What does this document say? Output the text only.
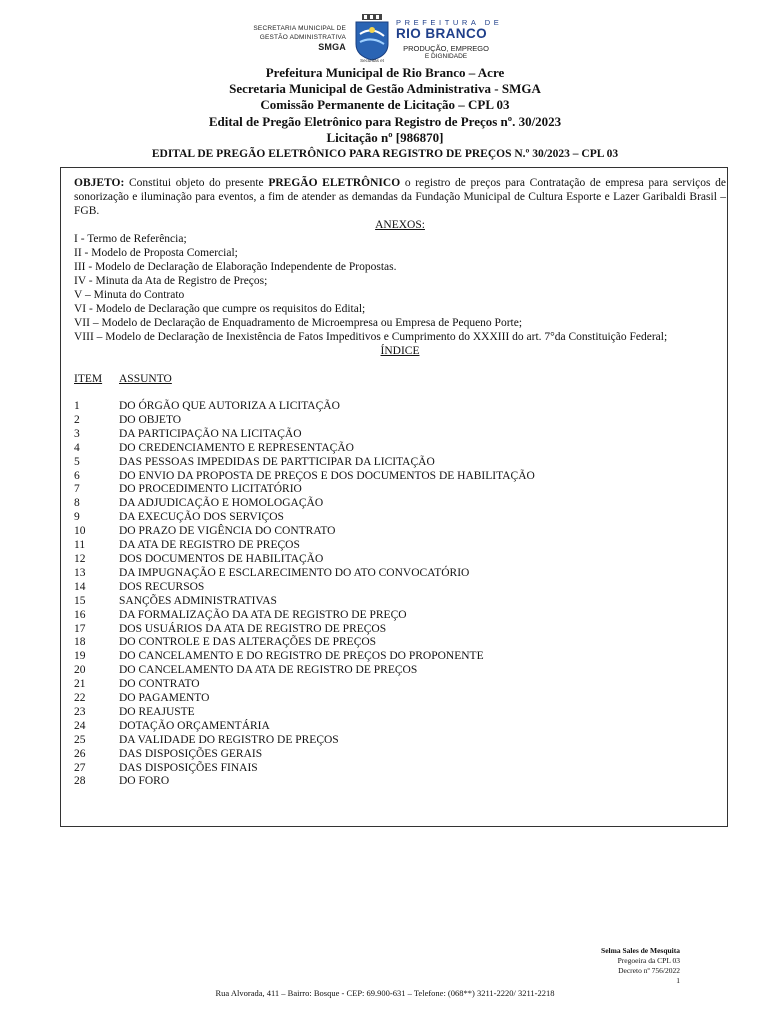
SECRETARIA MUNICIPAL DE
GESTÃO ADMINISTRATIVA
SMGA
Securitas et
PREFEITURA DE
RIO BRANCO
PRODUÇÃO, EMPREGO
E DIGNIDADE
Prefeitura Municipal de Rio Branco – Acre
Secretaria Municipal de Gestão Administrativa - SMGA
Comissão Permanente de Licitação – CPL 03
Edital de Pregão Eletrônico para Registro de Preços nº. 30/2023
Licitação nº [986870]
EDITAL DE PREGÃO ELETRÔNICO PARA REGISTRO DE PREÇOS N.º 30/2023 – CPL 03

OBJETO: Constitui objeto do presente PREGÃO ELETRÔNICO o registro de preços para Contratação de empresa para serviços de sonorização e iluminação para eventos, a fim de atender as demandas da Fundação Municipal de Cultura Esporte e Lazer Garibaldi Brasil – FGB.

ANEXOS:

I - Termo de Referência;
II - Modelo de Proposta Comercial;
III - Modelo de Declaração de Elaboração Independente de Propostas.
IV - Minuta da Ata de Registro de Preços;
V – Minuta do Contrato
VI - Modelo de Declaração que cumpre os requisitos do Edital;
VII – Modelo de Declaração de Enquadramento de Microempresa ou Empresa de Pequeno Porte;
VIII – Modelo de Declaração de Inexistência de Fatos Impeditivos e Cumprimento do XXXIII do art. 7°da Constituição Federal;

ÍNDICE

ITEM	ASSUNTO
1	DO ÓRGÃO QUE AUTORIZA A LICITAÇÃO
2	DO OBJETO
3	DA PARTICIPAÇÃO NA LICITAÇÃO
4	DO CREDENCIAMENTO E REPRESENTAÇÃO
5	DAS PESSOAS IMPEDIDAS DE PARTTICIPAR DA LICITAÇÃO
6	DO ENVIO DA PROPOSTA DE PREÇOS E DOS DOCUMENTOS DE HABILITAÇÃO
7	DO PROCEDIMENTO LICITATÓRIO
8	DA ADJUDICAÇÃO E HOMOLOGAÇÃO
9	DA EXECUÇÃO DOS SERVIÇOS
10	DO PRAZO DE VIGÊNCIA DO CONTRATO
11	DA ATA DE REGISTRO DE PREÇOS
12	DOS DOCUMENTOS DE HABILITAÇÃO
13	DA IMPUGNAÇÃO E ESCLARECIMENTO DO ATO CONVOCATÓRIO
14	DOS RECURSOS
15	SANÇÕES ADMINISTRATIVAS
16	DA FORMALIZAÇÃO DA ATA DE REGISTRO DE PREÇO
17	DOS USUÁRIOS DA ATA DE REGISTRO DE PREÇOS
18	DO CONTROLE E DAS ALTERAÇÕES DE PREÇOS
19	DO CANCELAMENTO E DO REGISTRO DE PREÇOS DO PROPONENTE
20	DO CANCELAMENTO DA ATA DE REGISTRO DE PREÇOS
21	DO CONTRATO
22	DO PAGAMENTO
23	DO REAJUSTE
24	DOTAÇÃO ORÇAMENTÁRIA
25	DA VALIDADE DO REGISTRO DE PREÇOS
26	DAS DISPOSIÇÕES GERAIS
27	DAS DISPOSIÇÕES FINAIS
28	DO FORO
Selma Sales de Mesquita
Pregoeira da CPL 03
Decreto nº 756/2022
1
Rua Alvorada, 411 – Bairro: Bosque - CEP: 69.900-631 – Telefone: (068**) 3211-2220/ 3211-2218
